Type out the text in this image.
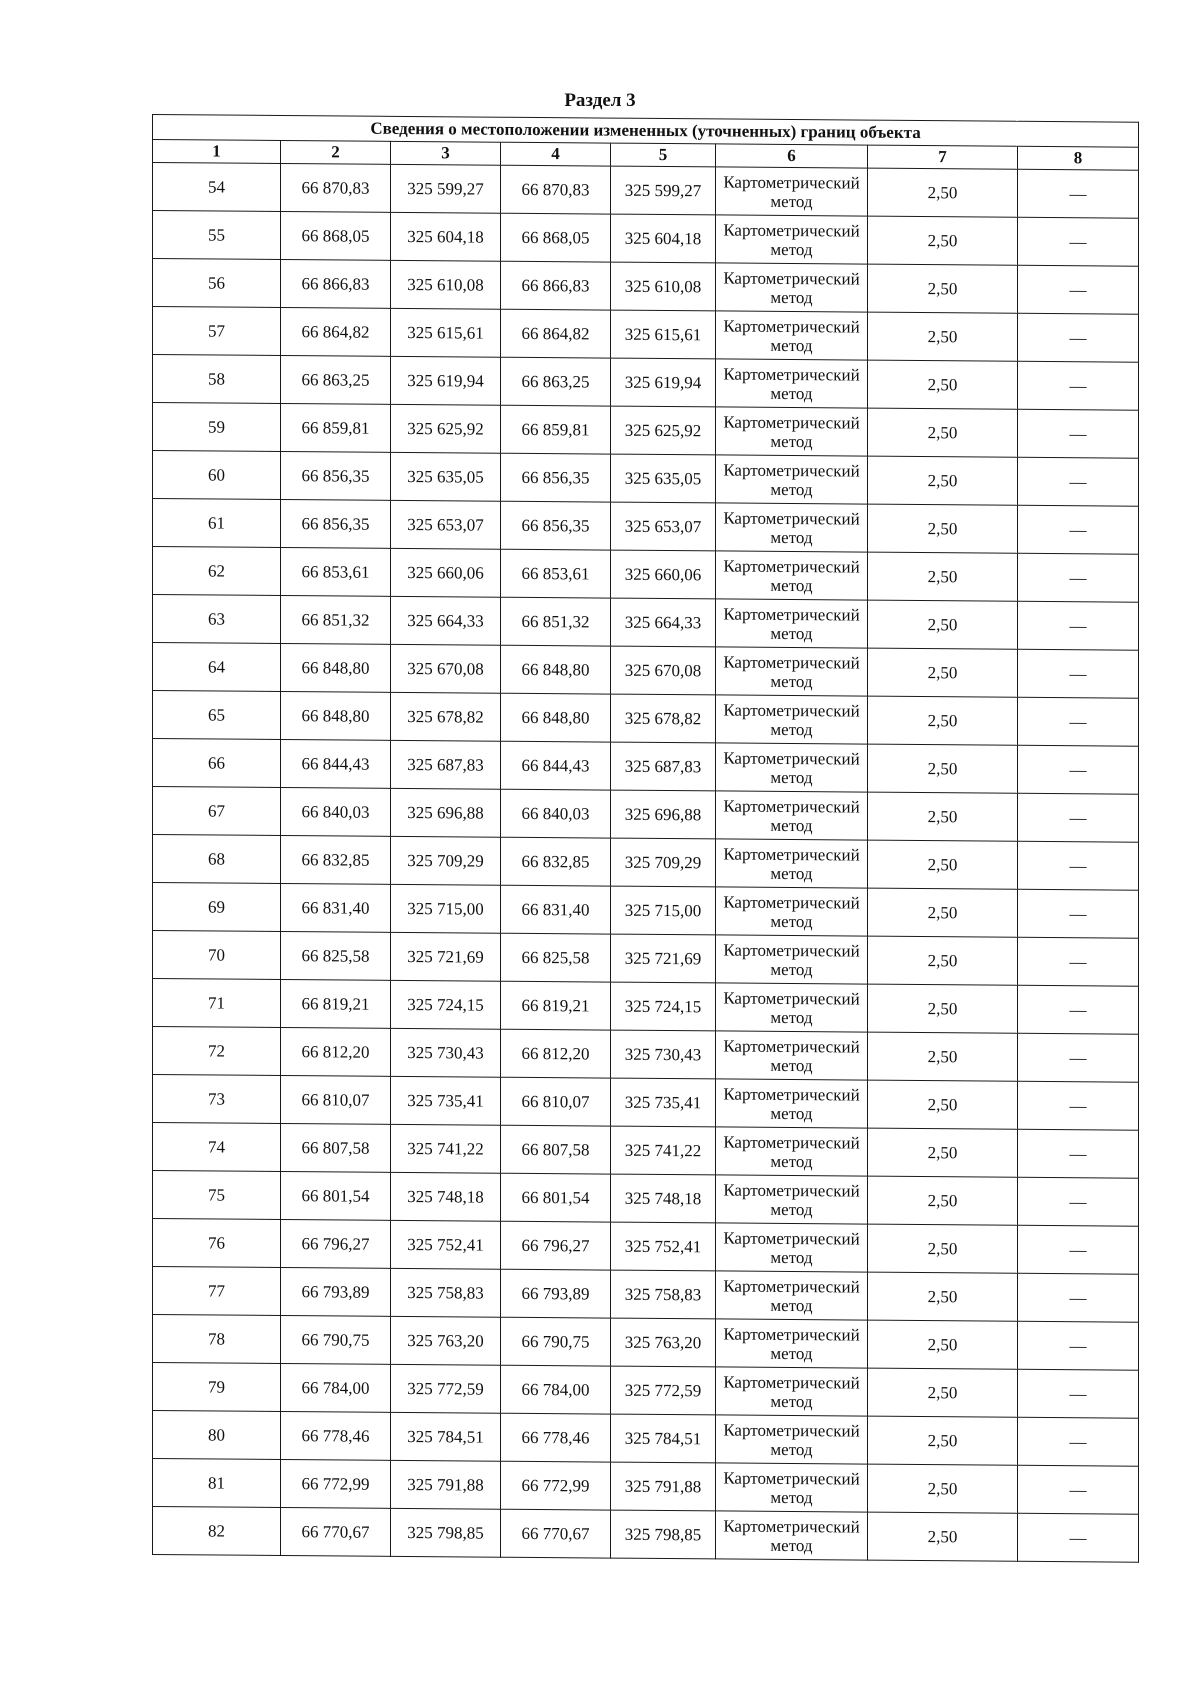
Раздел 3
Сведения о местоположении измененных (уточненных) границ объекта							
1	2	3	4	5	6	7	8
54	66 870,83	325 599,27	66 870,83	325 599,27	Картометрический метод	2,50	—
55	66 868,05	325 604,18	66 868,05	325 604,18	Картометрический метод	2,50	—
56	66 866,83	325 610,08	66 866,83	325 610,08	Картометрический метод	2,50	—
57	66 864,82	325 615,61	66 864,82	325 615,61	Картометрический метод	2,50	—
58	66 863,25	325 619,94	66 863,25	325 619,94	Картометрический метод	2,50	—
59	66 859,81	325 625,92	66 859,81	325 625,92	Картометрический метод	2,50	—
60	66 856,35	325 635,05	66 856,35	325 635,05	Картометрический метод	2,50	—
61	66 856,35	325 653,07	66 856,35	325 653,07	Картометрический метод	2,50	—
62	66 853,61	325 660,06	66 853,61	325 660,06	Картометрический метод	2,50	—
63	66 851,32	325 664,33	66 851,32	325 664,33	Картометрический метод	2,50	—
64	66 848,80	325 670,08	66 848,80	325 670,08	Картометрический метод	2,50	—
65	66 848,80	325 678,82	66 848,80	325 678,82	Картометрический метод	2,50	—
66	66 844,43	325 687,83	66 844,43	325 687,83	Картометрический метод	2,50	—
67	66 840,03	325 696,88	66 840,03	325 696,88	Картометрический метод	2,50	—
68	66 832,85	325 709,29	66 832,85	325 709,29	Картометрический метод	2,50	—
69	66 831,40	325 715,00	66 831,40	325 715,00	Картометрический метод	2,50	—
70	66 825,58	325 721,69	66 825,58	325 721,69	Картометрический метод	2,50	—
71	66 819,21	325 724,15	66 819,21	325 724,15	Картометрический метод	2,50	—
72	66 812,20	325 730,43	66 812,20	325 730,43	Картометрический метод	2,50	—
73	66 810,07	325 735,41	66 810,07	325 735,41	Картометрический метод	2,50	—
74	66 807,58	325 741,22	66 807,58	325 741,22	Картометрический метод	2,50	—
75	66 801,54	325 748,18	66 801,54	325 748,18	Картометрический метод	2,50	—
76	66 796,27	325 752,41	66 796,27	325 752,41	Картометрический метод	2,50	—
77	66 793,89	325 758,83	66 793,89	325 758,83	Картометрический метод	2,50	—
78	66 790,75	325 763,20	66 790,75	325 763,20	Картометрический метод	2,50	—
79	66 784,00	325 772,59	66 784,00	325 772,59	Картометрический метод	2,50	—
80	66 778,46	325 784,51	66 778,46	325 784,51	Картометрический метод	2,50	—
81	66 772,99	325 791,88	66 772,99	325 791,88	Картометрический метод	2,50	—
82	66 770,67	325 798,85	66 770,67	325 798,85	Картометрический метод	2,50	—
